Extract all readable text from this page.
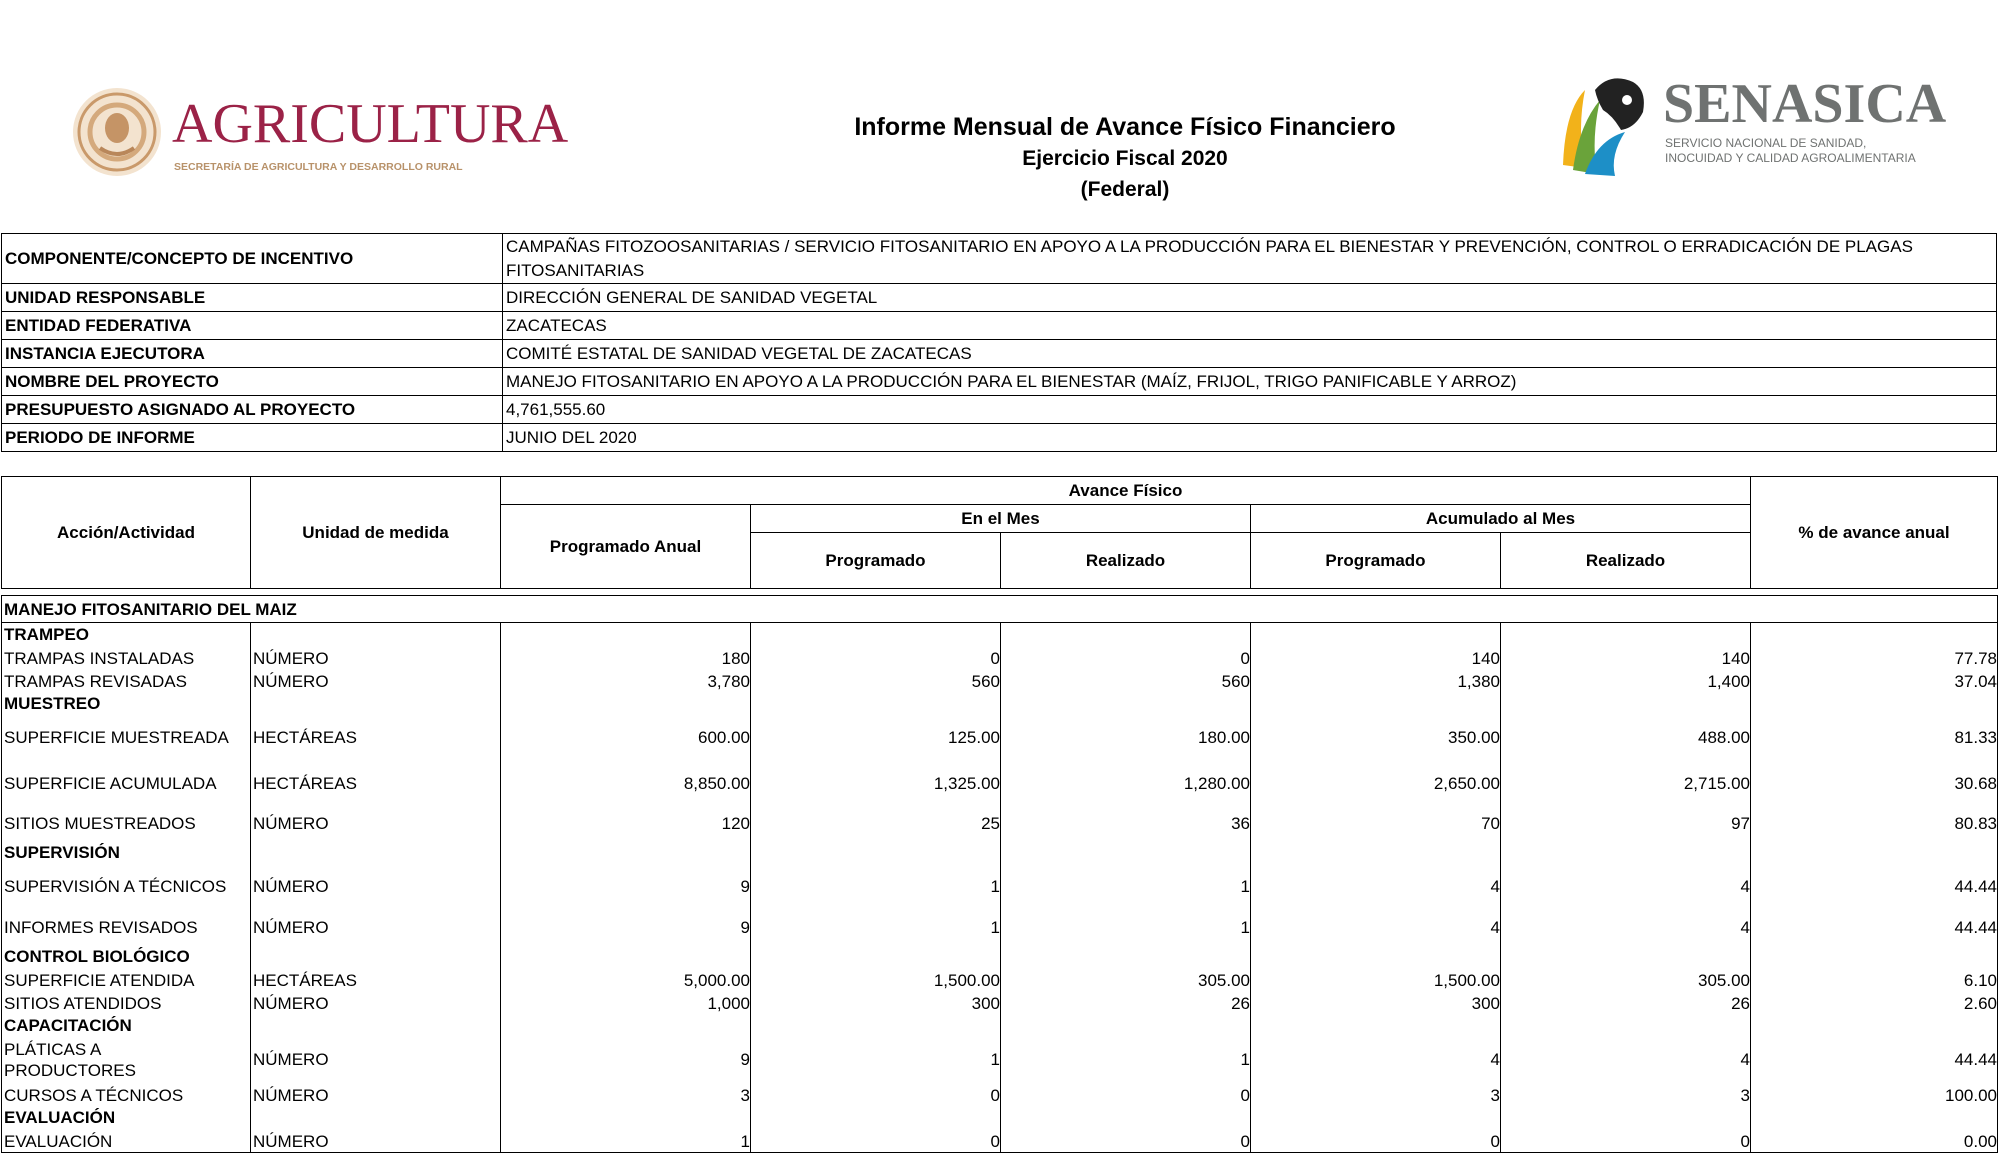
AGRICULTURA
SECRETARÍA DE AGRICULTURA Y DESARROLLO RURAL
SENASICA
SERVICIO NACIONAL DE SANIDAD,
INOCUIDAD Y CALIDAD AGROALIMENTARIA
Informe Mensual de Avance Físico Financiero
Ejercicio Fiscal 2020
(Federal)
COMPONENTE/CONCEPTO DE INCENTIVO	CAMPAÑAS FITOZOOSANITARIAS / SERVICIO FITOSANITARIO EN APOYO A LA PRODUCCIÓN PARA EL BIENESTAR Y PREVENCIÓN, CONTROL O ERRADICACIÓN DE PLAGAS FITOSANITARIAS
UNIDAD RESPONSABLE	DIRECCIÓN GENERAL DE SANIDAD VEGETAL
ENTIDAD FEDERATIVA	ZACATECAS
INSTANCIA EJECUTORA	COMITÉ ESTATAL DE SANIDAD VEGETAL DE ZACATECAS
NOMBRE DEL PROYECTO	MANEJO FITOSANITARIO EN APOYO A LA PRODUCCIÓN PARA EL BIENESTAR (MAÍZ, FRIJOL, TRIGO PANIFICABLE Y ARROZ)
PRESUPUESTO ASIGNADO AL PROYECTO	4,761,555.60
PERIODO DE INFORME	JUNIO DEL 2020
Acción/Actividad	Unidad de medida	Avance Físico					% de avance anual
		Programado Anual	En el Mes		Acumulado al Mes		
			Programado	Realizado	Programado	Realizado	

MANEJO FITOSANITARIO DEL MAIZ							
TRAMPEO							
TRAMPAS INSTALADAS	NÚMERO	180	0	0	140	140	77.78
TRAMPAS REVISADAS	NÚMERO	3,780	560	560	1,380	1,400	37.04
MUESTREO							
SUPERFICIE MUESTREADA	HECTÁREAS	600.00	125.00	180.00	350.00	488.00	81.33
SUPERFICIE ACUMULADA	HECTÁREAS	8,850.00	1,325.00	1,280.00	2,650.00	2,715.00	30.68
SITIOS MUESTREADOS	NÚMERO	120	25	36	70	97	80.83
SUPERVISIÓN							
SUPERVISIÓN A TÉCNICOS	NÚMERO	9	1	1	4	4	44.44
INFORMES REVISADOS	NÚMERO	9	1	1	4	4	44.44
CONTROL BIOLÓGICO							
SUPERFICIE ATENDIDA	HECTÁREAS	5,000.00	1,500.00	305.00	1,500.00	305.00	6.10
SITIOS ATENDIDOS	NÚMERO	1,000	300	26	300	26	2.60
CAPACITACIÓN							
PLÁTICAS A
PRODUCTORES	NÚMERO	9	1	1	4	4	44.44
CURSOS A TÉCNICOS	NÚMERO	3	0	0	3	3	100.00
EVALUACIÓN							
EVALUACIÓN	NÚMERO	1	0	0	0	0	0.00
